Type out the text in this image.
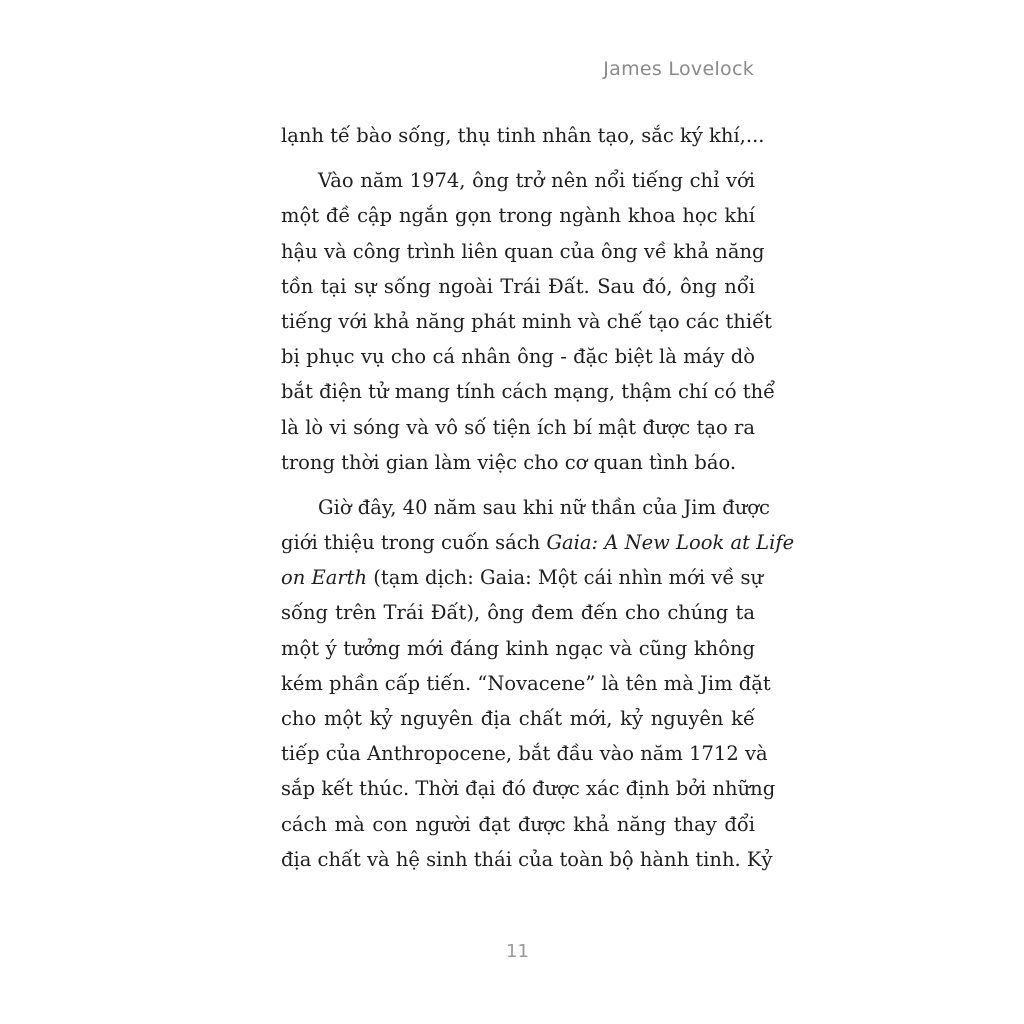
James Lovelock
lạnh tế bào sống, thụ tinh nhân tạo, sắc ký khí,...
Vào năm 1974, ông trở nên nổi tiếng chỉ với
một đề cập ngắn gọn trong ngành khoa học khí
hậu và công trình liên quan của ông về khả năng
tồn tại sự sống ngoài Trái Đất. Sau đó, ông nổi
tiếng với khả năng phát minh và chế tạo các thiết
bị phục vụ cho cá nhân ông - đặc biệt là máy dò
bắt điện tử mang tính cách mạng, thậm chí có thể
là lò vi sóng và vô số tiện ích bí mật được tạo ra
trong thời gian làm việc cho cơ quan tình báo.
Giờ đây, 40 năm sau khi nữ thần của Jim được
giới thiệu trong cuốn sách Gaia: A New Look at Life
on Earth (tạm dịch: Gaia: Một cái nhìn mới về sự
sống trên Trái Đất), ông đem đến cho chúng ta
một ý tưởng mới đáng kinh ngạc và cũng không
kém phần cấp tiến. “Novacene” là tên mà Jim đặt
cho một kỷ nguyên địa chất mới, kỷ nguyên kế
tiếp của Anthropocene, bắt đầu vào năm 1712 và
sắp kết thúc. Thời đại đó được xác định bởi những
cách mà con người đạt được khả năng thay đổi
địa chất và hệ sinh thái của toàn bộ hành tinh. Kỷ
11
